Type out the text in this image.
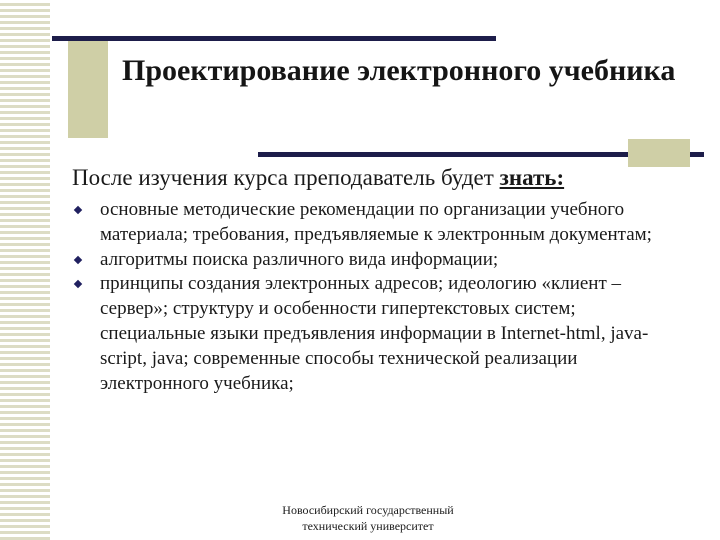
Проектирование электронного учебника
После изучения курса преподаватель будет знать:
основные методические рекомендации по организации учебного материала; требования, предъявляемые к электронным документам;
алгоритмы поиска различного вида информации;
принципы создания электронных адресов; идеологию «клиент – сервер»; структуру и особенности гипертекстовых систем; специальные языки предъявления информации в Internet-html, java-script, java; современные способы технической реализации электронного учебника;
Новосибирский государственный
технический университет
